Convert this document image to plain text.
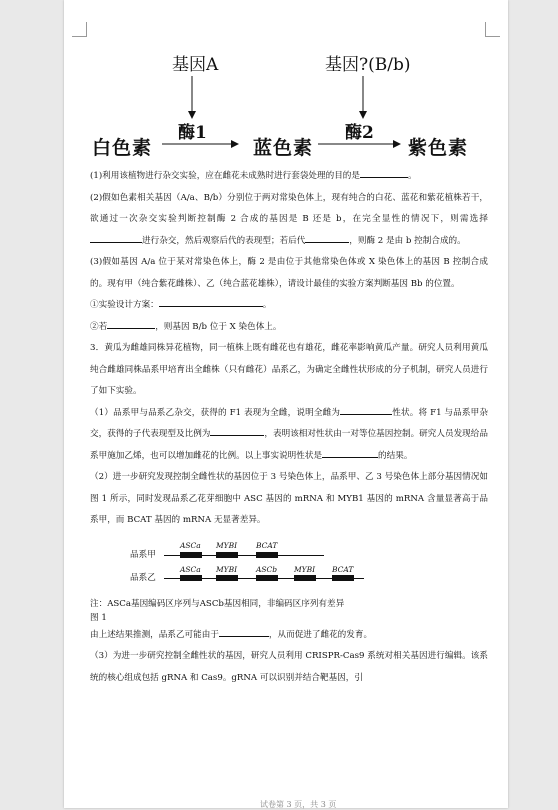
基因A	基因?(B/b)
酶1	酶2
白色素	蓝色素	紫色素

(1)利用该植物进行杂交实验，应在雌花未成熟时进行套袋处理的目的是	。

(2)假如色素相关基因（A/a、B/b）分别位于两对常染色体上，现有纯合的白花、蓝花和紫花植株若干，欲通过一次杂交实验判断控制酶 2 合成的基因是 B 还是 b，在完全显性的情况下，则需选择进行杂交，然后观察后代的表现型；若后代	，则酶 2 是由 b 控制合成的。

(3)假如基因 A/a 位于某对常染色体上，酶 2 是由位于其他常染色体或 X 染色体上的基因 B 控制合成的。现有甲（纯合紫花雌株）、乙（纯合蓝花雄株），请设计最佳的实验方案判断基因 Bb 的位置。

①实验设计方案：	。

②若	，则基因 B/b 位于 X 染色体上。

3．黄瓜为雌雄同株异花植物，同一植株上既有雌花也有雄花，雌花率影响黄瓜产量。研究人员利用黄瓜纯合雌雄同株品系甲培育出全雌株（只有雌花）品系乙，为确定全雌性状形成的分子机制，研究人员进行了如下实验。

（1）品系甲与品系乙杂交，获得的 F1 表现为全雌，说明全雌为	性状。将 F1 与品系甲杂交，获得的子代表现型及比例为	，表明该相对性状由一对等位基因控制。研究人员发现给品系甲施加乙烯，也可以增加雌花的比例。以上事实说明性状是	的结果。

（2）进一步研究发现控制全雌性状的基因位于 3 号染色体上，品系甲、乙 3 号染色体上部分基因情况如图 1 所示，同时发现品系乙花芽细胞中 ASC 基因的 mRNA 和 MYB1 基因的 mRNA 含量显著高于品系甲，而 BCAT 基因的 mRNA 无显著差异。

ASCa MYBI	BCAT
品系甲
ASCa MYBI	ASCb MYBI BCAT
品系乙

注：ASCa基因编码区序列与ASCb基因相同，非编码区序列有差异

图 1

由上述结果推测，品系乙可能由于	，从而促进了雌花的发育。

（3）为进一步研究控制全雌性状的基因，研究人员利用 CRISPR-Cas9 系统对相关基因进行编辑。该系统的核心组成包括 gRNA 和 Cas9。gRNA 可以识别并结合靶基因，引

试卷第 3 页，共 3 页
